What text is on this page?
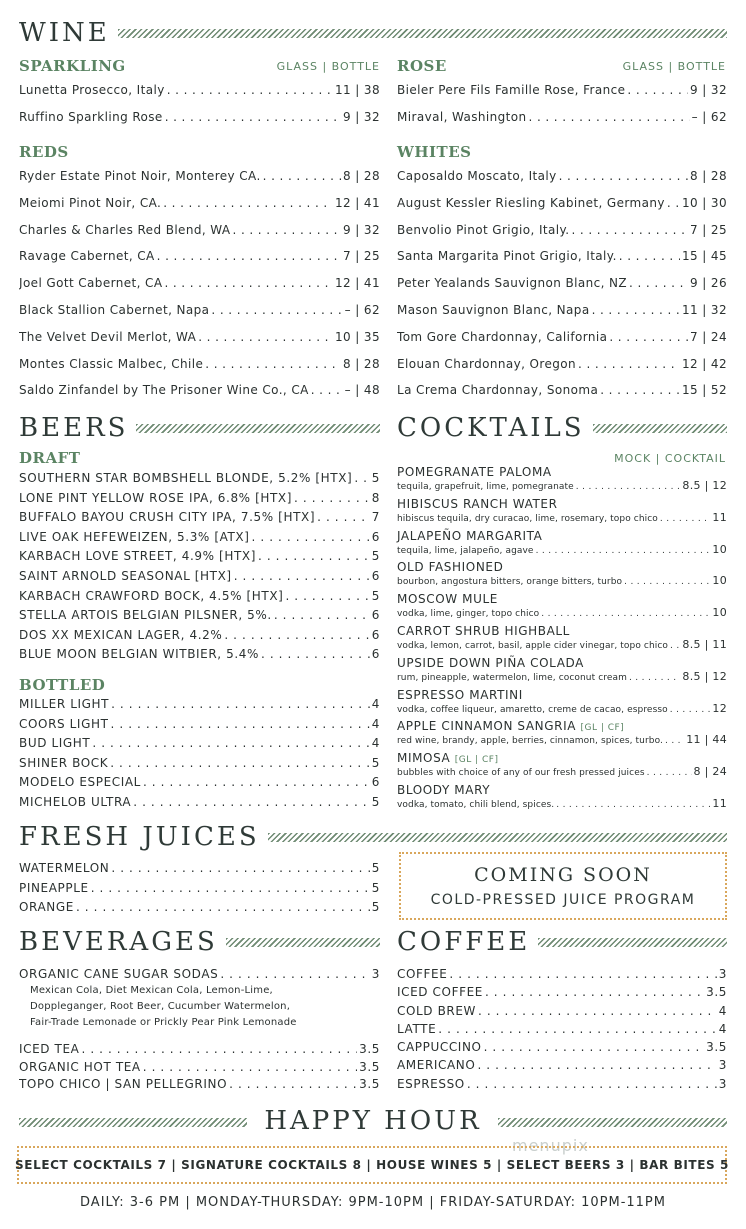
WINE
SPARKLING	GLASS | BOTTLE
Lunetta Prosecco, Italy . . .	11 | 38
Ruffino Sparkling Rose . . .	9 | 32
ROSE	GLASS | BOTTLE
Bieler Pere Fils Famille Rose, France . . .	9 | 32
Miraval, Washington . . .	– | 62
REDS
Ryder Estate Pinot Noir, Monterey CA. . . .	8 | 28
Meiomi Pinot Noir, CA. . . .	12 | 41
Charles & Charles Red Blend, WA . . .	9 | 32
Ravage Cabernet, CA . . .	7 | 25
Joel Gott Cabernet, CA . . .	12 | 41
Black Stallion Cabernet, Napa . . .	– | 62
The Velvet Devil Merlot, WA . . .	10 | 35
Montes Classic Malbec, Chile . . .	8 | 28
Saldo Zinfandel by The Prisoner Wine Co., CA . . .	– | 48
WHITES
Caposaldo Moscato, Italy . . .	8 | 28
August Kessler Riesling Kabinet, Germany . . . 10 | 30
Benvolio Pinot Grigio, Italy. . . .	7 | 25
Santa Margarita Pinot Grigio, Italy. . . .	15 | 45
Peter Yealands Sauvignon Blanc, NZ . . .	9 | 26
Mason Sauvignon Blanc, Napa . . .	11 | 32
Tom Gore Chardonnay, California . . .	7 | 24
Elouan Chardonnay, Oregon . . .	12 | 42
La Crema Chardonnay, Sonoma . . .	15 | 52
BEERS
DRAFT
SOUTHERN STAR BOMBSHELL BLONDE, 5.2% [HTX] . . . 5
LONE PINT YELLOW ROSE IPA, 6.8% [HTX] . . .	8
BUFFALO BAYOU CRUSH CITY IPA, 7.5% [HTX] . . .	7
LIVE OAK HEFEWEIZEN, 5.3% [ATX] . . .	6
KARBACH LOVE STREET, 4.9% [HTX] . . .	5
SAINT ARNOLD SEASONAL [HTX] . . .	6
KARBACH CRAWFORD BOCK, 4.5% [HTX] . . .	5
STELLA ARTOIS BELGIAN PILSNER, 5%. . . .	6
DOS XX MEXICAN LAGER, 4.2% . . .	6
BLUE MOON BELGIAN WITBIER, 5.4% . . .	6
BOTTLED
MILLER LIGHT . . .	4
COORS LIGHT . . .	4
BUD LIGHT . . .	4
SHINER BOCK . . .	5
MODELO ESPECIAL . . .	6
MICHELOB ULTRA . . .	5
COCKTAILS
MOCK | COCKTAIL
POMEGRANATE PALOMA
tequila, grapefruit, lime, pomegranate . . .	8.5 | 12
HIBISCUS RANCH WATER
hibiscus tequila, dry curacao, lime, rosemary, topo chico . . .	11
JALAPEÑO MARGARITA
tequila, lime, jalapeño, agave . . .	10
OLD FASHIONED
bourbon, angostura bitters, orange bitters, turbo . . .	10
MOSCOW MULE
vodka, lime, ginger, topo chico . . .	10
CARROT SHRUB HIGHBALL
vodka, lemon, carrot, basil, apple cider vinegar, topo chico . . . 8.5 | 11
UPSIDE DOWN PIÑA COLADA
rum, pineapple, watermelon, lime, coconut cream . . .	8.5 | 12
ESPRESSO MARTINI
vodka, coffee liqueur, amaretto, creme de cacao, espresso . . .	12
APPLE CINNAMON SANGRIA [GL | CF]
red wine, brandy, apple, berries, cinnamon, spices, turbo. . . . 11 | 44
MIMOSA [GL | CF]
bubbles with choice of any of our fresh pressed juices . . .	8 | 24
BLOODY MARY
vodka, tomato, chili blend, spices. . . .	11
FRESH JUICES
WATERMELON . . .	5
PINEAPPLE . . .	5
ORANGE . . .	5
COMING SOON
COLD-PRESSED JUICE PROGRAM
BEVERAGES
ORGANIC CANE SUGAR SODAS . . .	3
Mexican Cola, Diet Mexican Cola, Lemon-Lime,
Doppleganger, Root Beer, Cucumber Watermelon,
Fair-Trade Lemonade or Prickly Pear Pink Lemonade
ICED TEA . . .	3.5
ORGANIC HOT TEA . . .	3.5
TOPO CHICO | SAN PELLEGRINO . . .	3.5
COFFEE
COFFEE . . .	3
ICED COFFEE . . .	3.5
COLD BREW . . .	4
LATTE . . .	4
CAPPUCCINO . . .	3.5
AMERICANO . . .	3
ESPRESSO . . .	3
HAPPY HOUR
menupix
SELECT COCKTAILS 7 | SIGNATURE COCKTAILS 8 | HOUSE WINES 5 | SELECT BEERS 3 | BAR BITES 5
DAILY: 3-6 PM | MONDAY-THURSDAY: 9PM-10PM | FRIDAY-SATURDAY: 10PM-11PM
